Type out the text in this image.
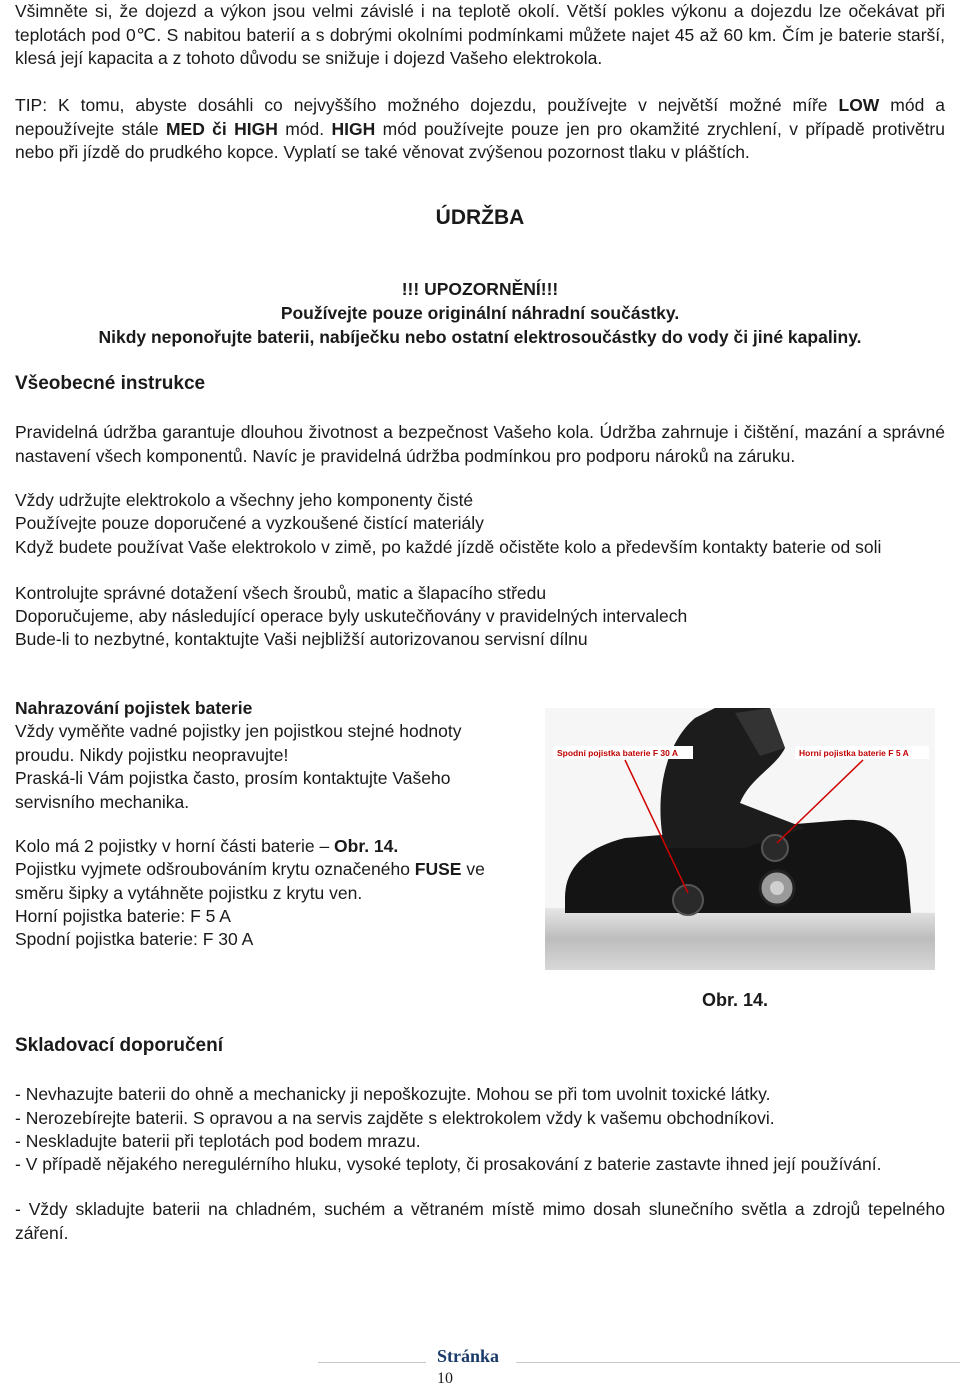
Všimněte si, že dojezd a výkon jsou velmi závislé i na teplotě okolí. Větší pokles výkonu a dojezdu lze očekávat při teplotách pod 0℃. S nabitou baterií a s dobrými okolními podmínkami můžete najet 45 až 60 km. Čím je baterie starší, klesá její kapacita a z tohoto důvodu se snižuje i dojezd Vašeho elektrokola.

TIP: K tomu, abyste dosáhli co nejvyššího možného dojezdu, používejte v největší možné míře LOW mód a nepoužívejte stále MED či HIGH mód. HIGH mód používejte pouze jen pro okamžité zrychlení, v případě protivětru nebo při jízdě do prudkého kopce. Vyplatí se také věnovat zvýšenou pozornost tlaku v pláštích.

ÚDRŽBA

!!! UPOZORNĚNÍ!!!

Používejte pouze originální náhradní součástky.

Nikdy neponořujte baterii, nabíječku nebo ostatní elektrosoučástky do vody či jiné kapaliny.

Všeobecné instrukce

Pravidelná údržba garantuje dlouhou životnost a bezpečnost Vašeho kola. Údržba zahrnuje i čištění, mazání a správné nastavení všech komponentů. Navíc je pravidelná údržba podmínkou pro podporu nároků na záruku.

Vždy udržujte elektrokolo a všechny jeho komponenty čisté

Používejte pouze doporučené a vyzkoušené čistící materiály

Když budete používat Vaše elektrokolo v zimě, po každé jízdě očistěte kolo a především kontakty baterie od soli

Kontrolujte správné dotažení všech šroubů, matic a šlapacího středu

Doporučujeme, aby následující operace byly uskutečňovány v pravidelných intervalech

Bude-li to nezbytné, kontaktujte Vaši nejbližší autorizovanou servisní dílnu

Nahrazování pojistek baterie

Vždy vyměňte vadné pojistky jen pojistkou stejné hodnoty proudu. Nikdy pojistku neopravujte!

Praská-li Vám pojistka často, prosím kontaktujte Vašeho servisního mechanika.

Kolo má 2 pojistky v horní části baterie – Obr. 14.

Pojistku vyjmete odšroubováním krytu označeného FUSE ve směru šipky a vytáhněte pojistku z krytu ven.

Horní pojistka baterie: F 5 A

Spodní pojistka baterie: F 30 A

Spodní pojistka baterie F 30 A	Horní pojistka baterie F 5 A

Obr. 14.

Skladovací doporučení

- Nevhazujte baterii do ohně a mechanicky ji nepoškozujte. Mohou se při tom uvolnit toxické látky.

- Nerozebírejte baterii. S opravou a na servis zajděte s elektrokolem vždy k vašemu obchodníkovi.

- Neskladujte baterii při teplotách pod bodem mrazu.

- V případě nějakého neregulérního hluku, vysoké teploty, či prosakování z baterie zastavte ihned její používání.

- Vždy skladujte baterii na chladném, suchém a větraném místě mimo dosah slunečního světla a zdrojů tepelného záření.

Stránka

10
